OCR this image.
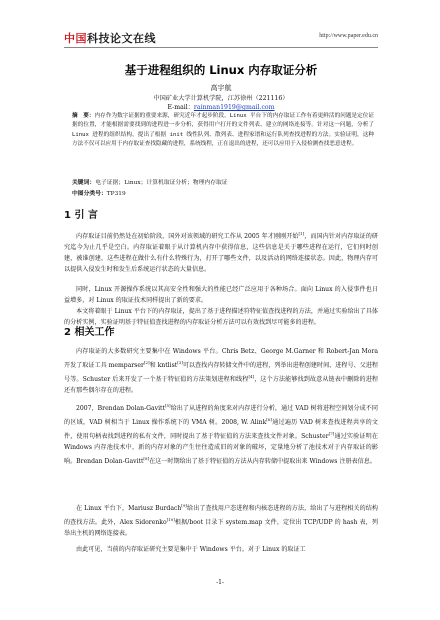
中国科技论文在线	http://www.paper.edu.cn
基于进程组织的 Linux 内存取证分析
高宇航
中国矿业大学计算机学院，江苏徐州（221116）
E-mail：rainman1919@gmail.com
摘　要：内存作为数字证据的重要来源，研究近年才起步阶段。Linux 平台下的内存取证工作有着更鲜活的问题是定位证据的位置，才能根据需要找到的进程进一步分析，获得用户打开的文件列表、建立的网络连接等。针对这一问题，分析了 Linux 进程的组织结构，提出了根据 init 线性队列、散列表、进程家谱和运行队列查找进程的方法。实验证明，这种方法不仅可以应用于内存取证查找隐藏的进程，系统线程，正在退出的进程，还可以应用于入侵检测查找恶意进程。
关键词：电子证据；Linux；计算机取证分析；物理内存取证
中图分类号：TP319
1 引 言

内存取证目前仍然处在初始阶段，国外对该领域的研究工作从 2005 年才刚刚开始[1]，而国内针对内存取证的研究迄今为止几乎是空白。内存取证着眼于从计算机内存中获得信息，这些信息是关于哪些进程在运行，它们何时创建，被谁创建，这些进程在做什么有什么特殊行为，打开了哪些文件，以及活动的网络连接状态。因此，物理内存可以提供入侵发生时和发生后系统运行状态的大量信息。

同时，Linux 开源操作系统以其高安全性和强大的性能已经广泛应用于各种场合。面向 Linux 的入侵事件也日益增多，对 Linux 的取证技术同样提出了新的要求。

本文将着眼于 Linux 平台下的内存取证，提出了基于进程描述符特征值查找进程的方法，并通过实验给出了具体的分析实例，实验证明基于特征值查找进程的内存取证分析方法可以有效找到尽可能多的进程。

2 相关工作

内存取证的大多数研究主要集中在 Windows 平台。Chris Betz、George M.Garner 和 Robert-Jan Mora 开发了取证工具 memparser[2]和 kntlist[3]可以查找内存转储文件中的进程，列举出进程创建时间、进程号、父进程号等。Schuster 后来开发了一个基于特征值的方法策划进程和线程[4]，这个方法能够找到故意从链表中删除的进程还有那些偶尔存在的进程。

2007，Brendan Dolan-Gavitt[5]给出了从进程的角度来对内存进行分析，通过 VAD 树将进程空间划分成不同的区域，VAD 树相当于 Linux 操作系统下的 VMA 树。2008, W. Alink[6]通过遍历 VAD 树来查找进程共享的文件，使用句柄表找到进程的私有文件，同时提出了基于特征值的方法来查找文件对象。Schuster[7]通过实验证明在 Windows 内存池技术中，新的内存对象的产生往往造成旧的对象的破坏，定量地分析了池技术对于内存取证的影响。Brendan Dolan-Gavitt[8]在这一时期给出了基于特征值的方法从内存转储中提取出来 Windows 注册表信息。

在 Linux 平台下，Mariusz Burdach[9]给出了查找用户态进程和内核态进程的方法，给出了与进程相关的结构的查找方法。此外，Alex Sidorenko[10]根据/boot 目录下 system.map 文件，定位出 TCP/UDP 的 hash 表，列举出主机的网络连接表。

由此可见，当前的内存取证研究主要是集中于 Windows 平台。对于 Linux 的取证工

-1-
